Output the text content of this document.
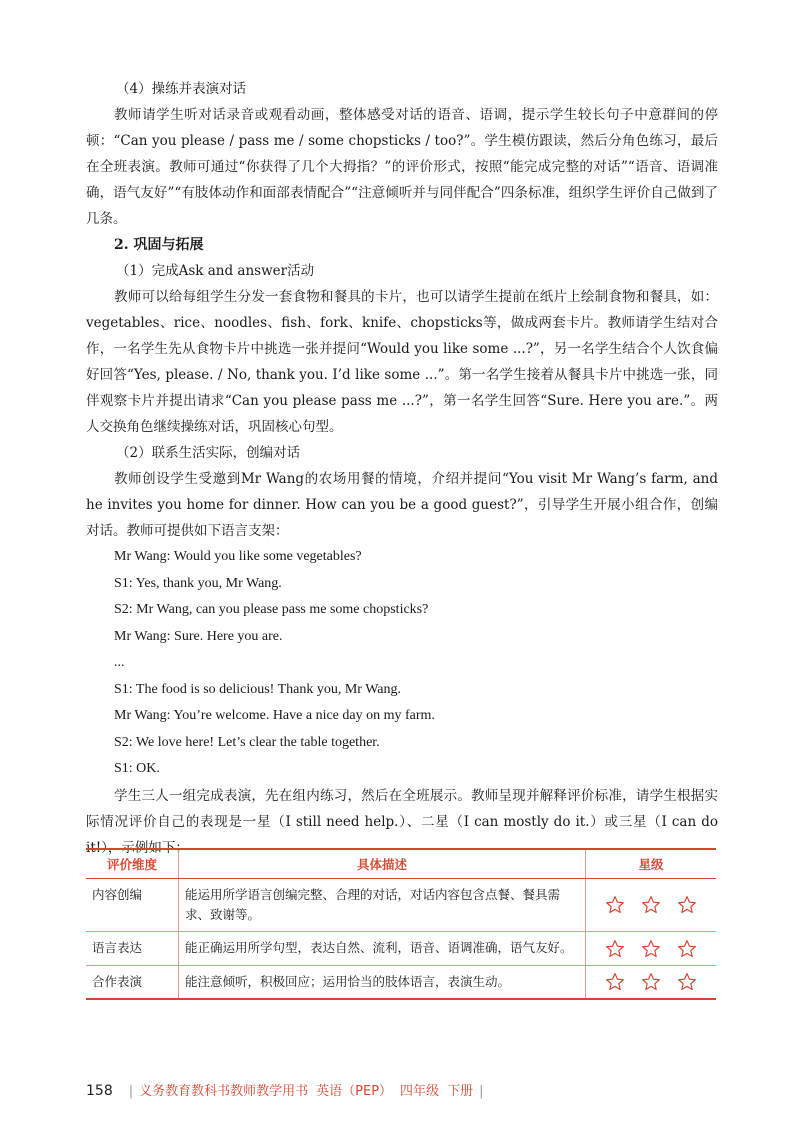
（4）操练并表演对话

教师请学生听对话录音或观看动画，整体感受对话的语音、语调，提示学生较长句子中意群间的停顿：“Can you please / pass me / some chopsticks / too?”。学生模仿跟读，然后分角色练习，最后在全班表演。教师可通过“你获得了几个大拇指？”的评价形式，按照“能完成完整的对话”“语音、语调准确，语气友好”“有肢体动作和面部表情配合”“注意倾听并与同伴配合”四条标准，组织学生评价自己做到了几条。

2. 巩固与拓展
（1）完成Ask and answer活动

教师可以给每组学生分发一套食物和餐具的卡片，也可以请学生提前在纸片上绘制食物和餐具，如：vegetables、rice、noodles、fish、fork、knife、chopsticks等，做成两套卡片。教师请学生结对合作，一名学生先从食物卡片中挑选一张并提问“Would you like some ...?”，另一名学生结合个人饮食偏好回答“Yes, please. / No, thank you. I’d like some ...”。第一名学生接着从餐具卡片中挑选一张，同伴观察卡片并提出请求“Can you please pass me ...?”，第一名学生回答“Sure. Here you are.”。两人交换角色继续操练对话，巩固核心句型。

（2）联系生活实际，创编对话

教师创设学生受邀到Mr Wang的农场用餐的情境，介绍并提问“You visit Mr Wang’s farm, and he invites you home for dinner. How can you be a good guest?”，引导学生开展小组合作，创编对话。教师可提供如下语言支架：

Mr Wang: Would you like some vegetables?
S1: Yes, thank you, Mr Wang.
S2: Mr Wang, can you please pass me some chopsticks?
Mr Wang: Sure. Here you are.
...
S1: The food is so delicious! Thank you, Mr Wang.
Mr Wang: You’re welcome. Have a nice day on my farm.
S2: We love here! Let’s clear the table together.
S1: OK.

学生三人一组完成表演，先在组内练习，然后在全班展示。教师呈现并解释评价标准，请学生根据实际情况评价自己的表现是一星（I still need help.）、二星（I can mostly do it.）或三星（I can do it!），示例如下：

评价维度	具体描述	星级
内容创编	能运用所学语言创编完整、合理的对话，对话内容包含点餐、餐具需求、致谢等。	
语言表达	能正确运用所学句型，表达自然、流利，语音、语调准确，语气友好。	
合作表演	能注意倾听，积极回应；运用恰当的肢体语言，表演生动。	
158 | 义务教育教科书教师教学用书 英语（PEP） 四年级 下册 |
